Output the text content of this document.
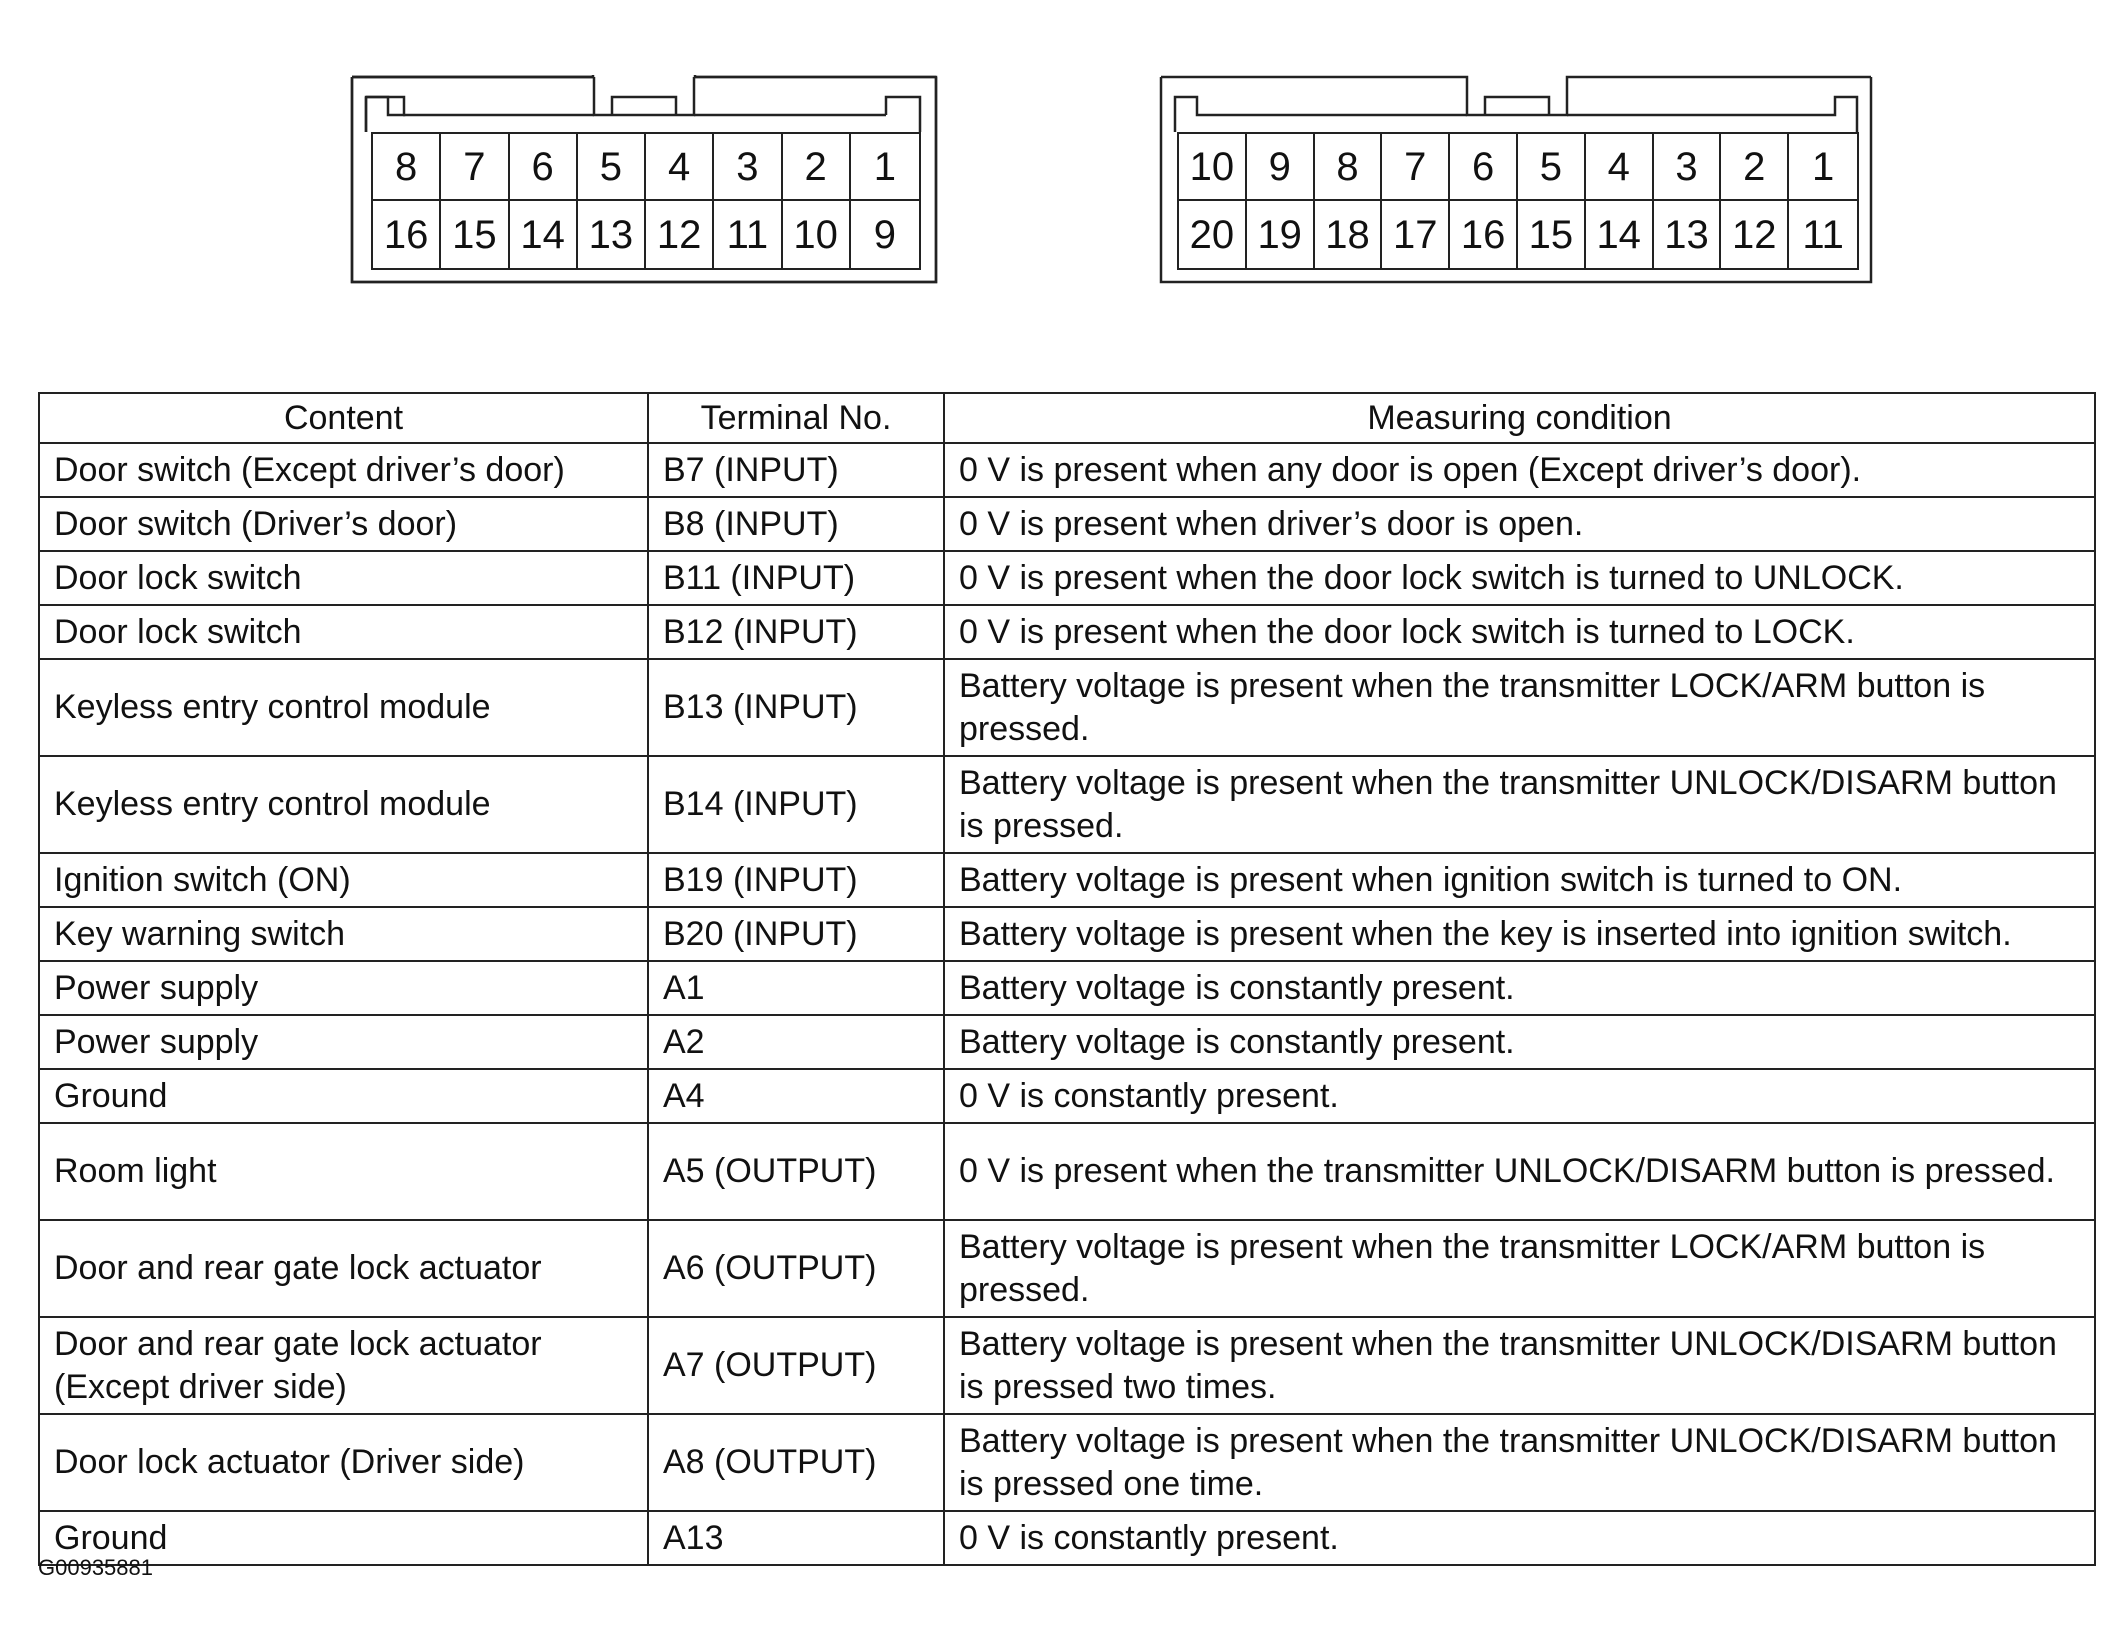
8	7	6	5	4	3	2	1
16 15 14 13 12 11 10 9
10 9	8	7	6	5	4	3	2	1
20 19 18 17 16 15 14 13 12 11
Content	Terminal No.	Measuring condition
Door switch (Except driver’s door)	B7 (INPUT)	0 V is present when any door is open (Except driver’s door).
Door switch (Driver’s door)	B8 (INPUT)	0 V is present when driver’s door is open.
Door lock switch	B11 (INPUT)	0 V is present when the door lock switch is turned to UNLOCK.
Door lock switch	B12 (INPUT)	0 V is present when the door lock switch is turned to LOCK.
Keyless entry control module	B13 (INPUT)	Battery voltage is present when the transmitter LOCK/ARM button is pressed.
Keyless entry control module	B14 (INPUT)	Battery voltage is present when the transmitter UNLOCK/DISARM button is pressed.
Ignition switch (ON)	B19 (INPUT)	Battery voltage is present when ignition switch is turned to ON.
Key warning switch	B20 (INPUT)	Battery voltage is present when the key is inserted into ignition switch.
Power supply	A1	Battery voltage is constantly present.
Power supply	A2	Battery voltage is constantly present.
Ground	A4	0 V is constantly present.
Room light	A5 (OUTPUT)	0 V is present when the transmitter UNLOCK/DISARM button is pressed.
Door and rear gate lock actuator	A6 (OUTPUT)	Battery voltage is present when the transmitter LOCK/ARM button is pressed.
Door and rear gate lock actuator (Except driver side)	A7 (OUTPUT)	Battery voltage is present when the transmitter UNLOCK/DISARM button is pressed two times.
Door lock actuator (Driver side)	A8 (OUTPUT)	Battery voltage is present when the transmitter UNLOCK/DISARM button is pressed one time.
Ground	A13	0 V is constantly present.
G00935881
